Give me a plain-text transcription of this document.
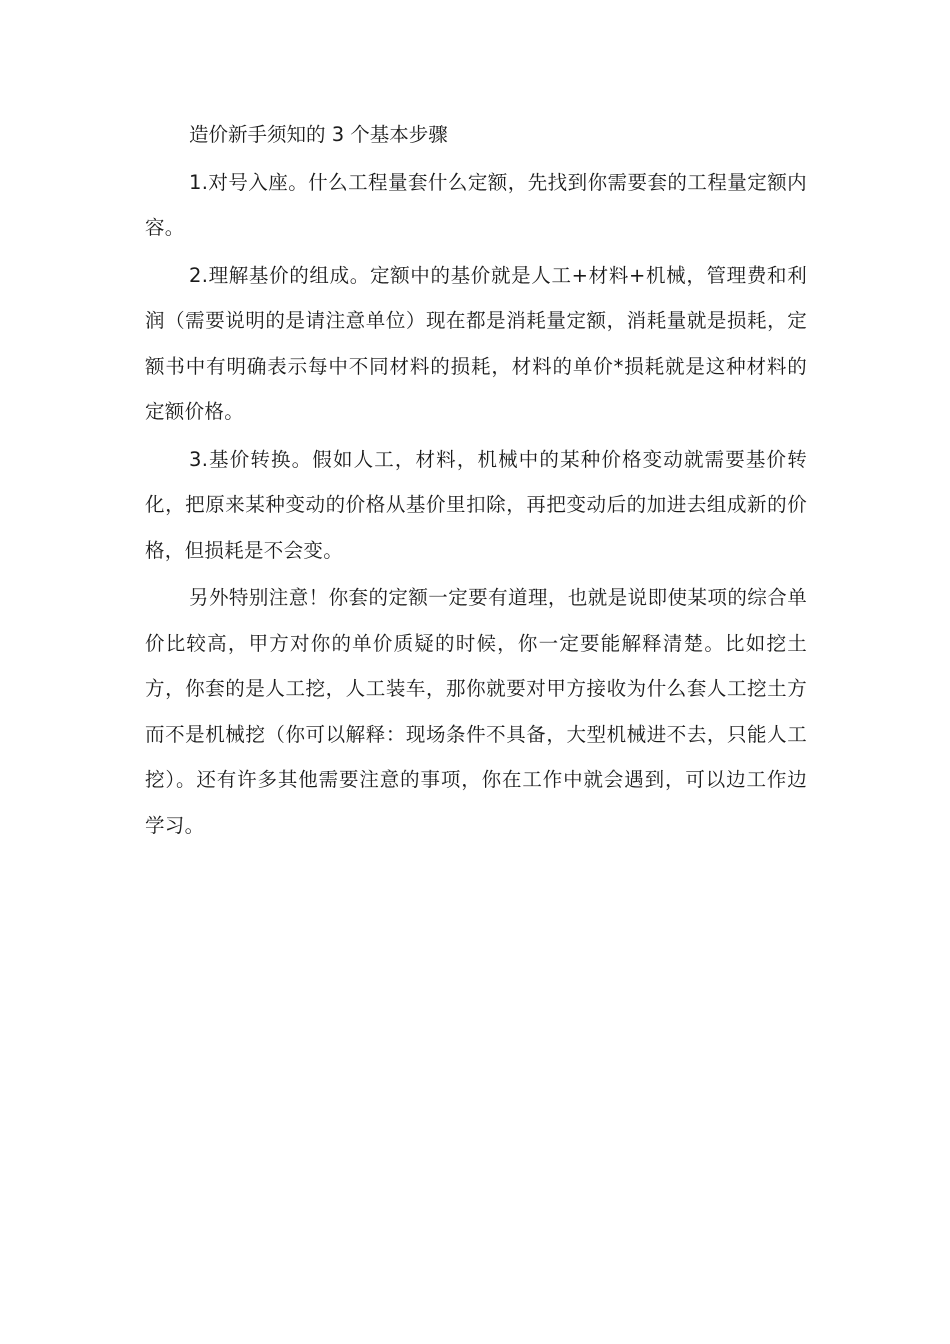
造价新手须知的 3 个基本步骤

1.对号入座。什么工程量套什么定额，先找到你需要套的工程量定额内容。

2.理解基价的组成。定额中的基价就是人工+材料+机械，管理费和利润（需要说明的是请注意单位）现在都是消耗量定额，消耗量就是损耗，定额书中有明确表示每中不同材料的损耗，材料的单价*损耗就是这种材料的定额价格。

3.基价转换。假如人工，材料，机械中的某种价格变动就需要基价转化，把原来某种变动的价格从基价里扣除，再把变动后的加进去组成新的价格，但损耗是不会变。

另外特别注意！你套的定额一定要有道理，也就是说即使某项的综合单价比较高，甲方对你的单价质疑的时候，你一定要能解释清楚。比如挖土方，你套的是人工挖，人工装车，那你就要对甲方接收为什么套人工挖土方而不是机械挖（你可以解释：现场条件不具备，大型机械进不去，只能人工挖）。还有许多其他需要注意的事项，你在工作中就会遇到，可以边工作边学习。
